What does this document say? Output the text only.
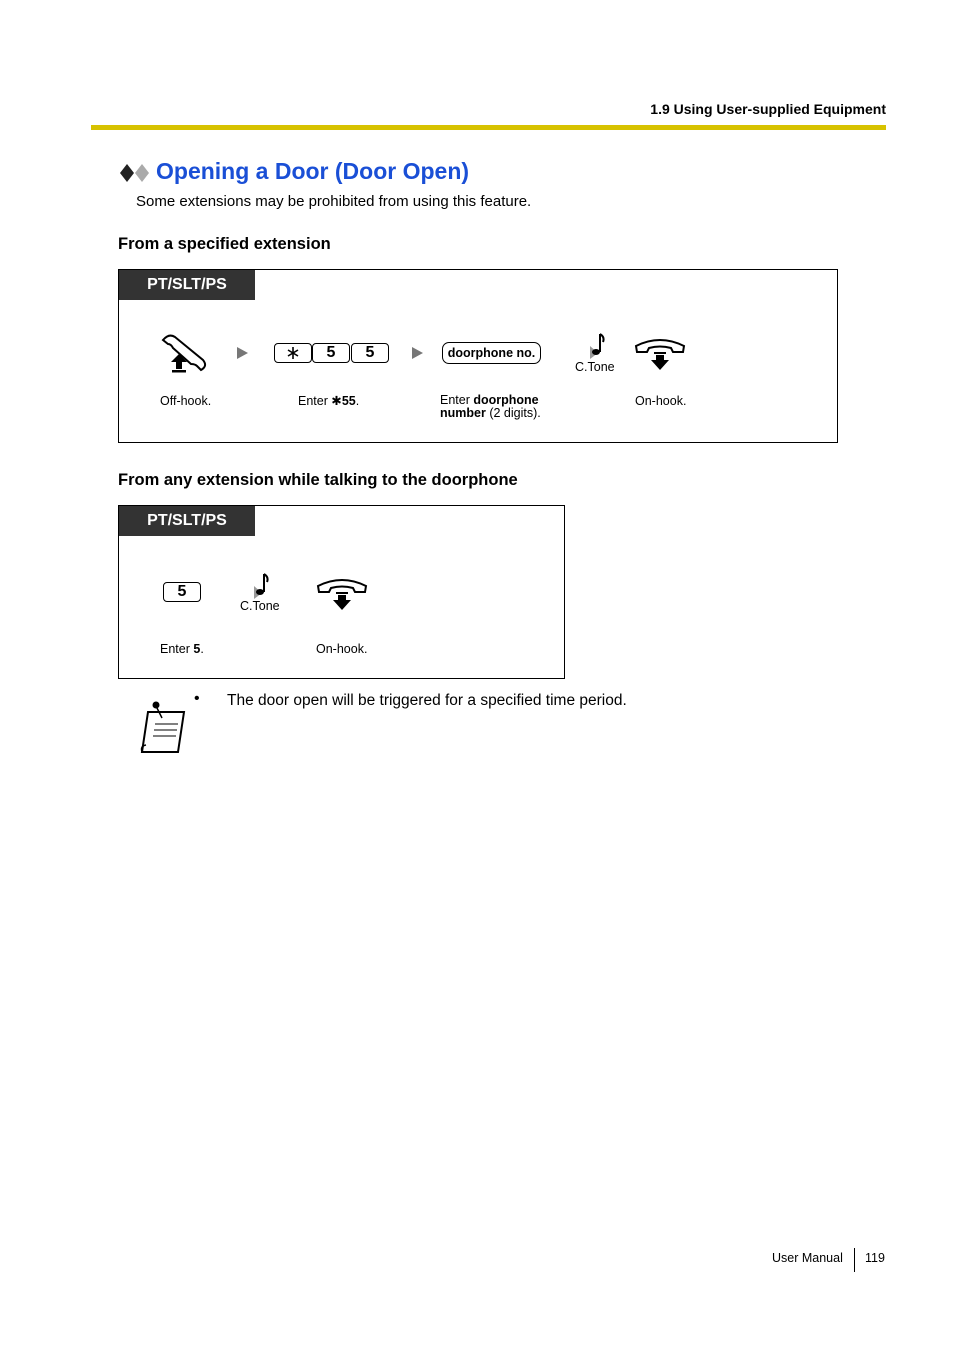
1.9 Using User-supplied Equipment
Opening a Door (Door Open)
Some extensions may be prohibited from using this feature.
From a specified extension
PT/SLT/PS
5	5	doorphone no.
C.Tone
Off-hook.	Enter ✱55.	Enter doorphone
number (2 digits).
On-hook.
From any extension while talking to the doorphone
PT/SLT/PS
5
C.Tone
Enter 5.	On-hook.
• The door open will be triggered for a specified time period.
User Manual 119
